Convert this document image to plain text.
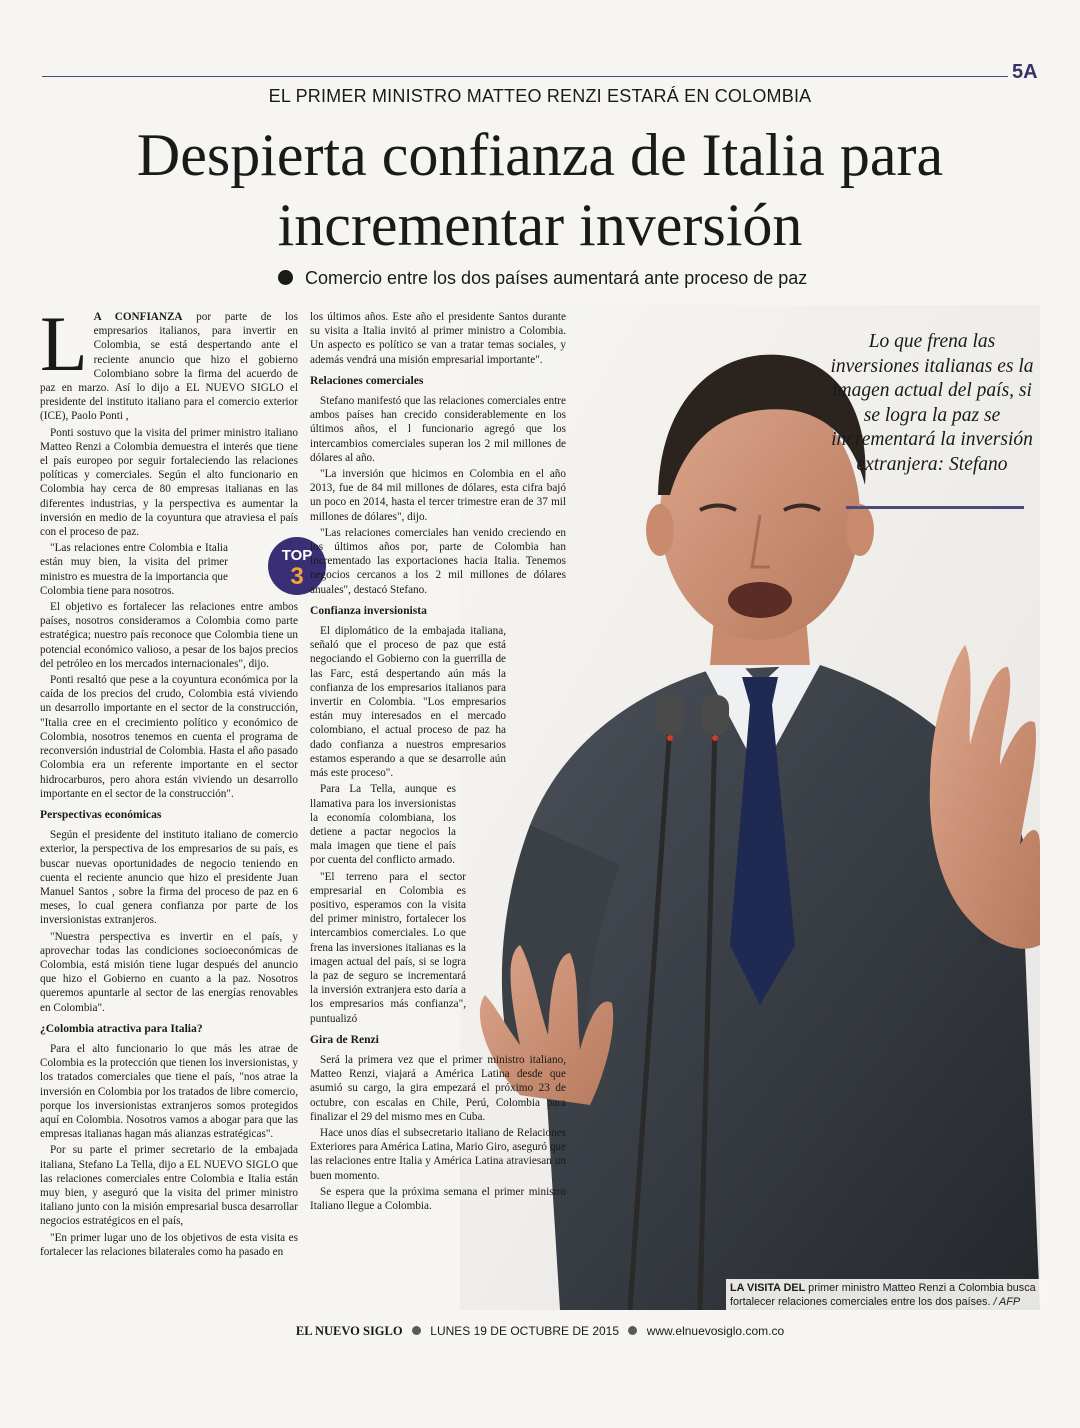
5A
EL PRIMER MINISTRO MATTEO RENZI ESTARÁ EN COLOMBIA
Despierta confianza de Italia para
incrementar inversión
Comercio entre los dos países aumentará ante proceso de paz

L A CONFIANZA por parte de los empresarios italianos, para invertir en Colombia, se está despertando ante el reciente anuncio que hizo el gobierno Colombiano sobre la firma del acuerdo de paz en marzo. Así lo dijo a EL NUEVO SIGLO el presidente del instituto italiano para el comercio exterior (ICE), Paolo Ponti ,

Ponti sostuvo que la visita del primer ministro italiano Matteo Renzi a Colombia demuestra el interés que tiene el país europeo por seguir fortaleciendo las relaciones políticas y comerciales. Según el alto funcionario en Colombia hay cerca de 80 empresas italianas en las diferentes industrias, y la perspectiva es aumentar la inversión en medio de la coyuntura que atraviesa el país con el proceso de paz.

"Las relaciones entre Colombia e Italia están muy bien, la visita del primer ministro es muestra de la importancia que Colombia tiene para nosotros.

El objetivo es fortalecer las relaciones entre ambos países, nosotros consideramos a Colombia como parte estratégica; nuestro país reconoce que Colombia tiene un potencial económico valioso, a pesar de los bajos precios del petróleo en los mercados internacionales", dijo.

Ponti resaltó que pese a la coyuntura económica por la caída de los precios del crudo, Colombia está viviendo un desarrollo importante en el sector de la construcción, "Italia cree en el crecimiento político y económico de Colombia, nosotros tenemos en cuenta el programa de reconversión industrial de Colombia. Hasta el año pasado Colombia era un referente importante en el sector hidrocarburos, pero ahora están viviendo un desarrollo importante en el sector de la construcción".

Perspectivas económicas

Según el presidente del instituto italiano de comercio exterior, la perspectiva de los empresarios de su país, es buscar nuevas oportunidades de negocio teniendo en cuenta el reciente anuncio que hizo el presidente Juan Manuel Santos , sobre la firma del proceso de paz en 6 meses, lo cual genera confianza por parte de los inversionistas extranjeros.

"Nuestra perspectiva es invertir en el país, y aprovechar todas las condiciones socioeconómicas de Colombia, está misión tiene lugar después del anuncio que hizo el Gobierno en cuanto a la paz. Nosotros queremos apuntarle al sector de las energías renovables en Colombia".

¿Colombia atractiva para Italia?

Para el alto funcionario lo que más les atrae de Colombia es la protección que tienen los inversionistas, y los tratados comerciales que tiene el país, "nos atrae la inversión en Colombia por los tratados de libre comercio, porque los inversionistas extranjeros somos protegidos aquí en Colombia. Nosotros vamos a abogar para que las empresas italianas hagan más alianzas estratégicas".

Por su parte el primer secretario de la embajada italiana, Stefano La Tella, dijo a EL NUEVO SIGLO que las relaciones comerciales entre Colombia e Italia están muy bien, y aseguró que la visita del primer ministro italiano junto con la misión empresarial busca desarrollar negocios estratégicos en el país,

"En primer lugar uno de los objetivos de esta visita es fortalecer las relaciones bilaterales como ha pasado en

TOP
3

los últimos años. Este año el presidente Santos durante su visita a Italia invitó al primer ministro a Colombia. Un aspecto es político se van a tratar temas sociales, y además vendrá una misión empresarial importante".

Relaciones comerciales

Stefano manifestó que las relaciones comerciales entre ambos países han crecido considerablemente en los últimos años, el l funcionario agregó que los intercambios comerciales superan los 2 mil millones de dólares al año.

"La inversión que hicimos en Colombia en el año 2013, fue de 84 mil millones de dólares, esta cifra bajó un poco en 2014, hasta el tercer trimestre eran de 37 mil millones de dólares", dijo.

"Las relaciones comerciales han venido creciendo en los últimos años por, parte de Colombia han incrementado las exportaciones hacia Italia. Tenemos negocios cercanos a los 2 mil millones de dólares anuales", destacó Stefano.

Confianza inversionista

El diplomático de la embajada italiana, señaló que el proceso de paz que está negociando el Gobierno con la guerrilla de las Farc, está despertando aún más la confianza de los empresarios italianos para invertir en Colombia. "Los empresarios están muy interesados en el mercado colombiano, el actual proceso de paz ha dado confianza a nuestros empresarios estamos esperando a que se desarrolle aún más este proceso".

Para La Tella, aunque es llamativa para los inversionistas la economía colombiana, los detiene a pactar negocios la mala imagen que tiene el país por cuenta del conflicto armado.

"El terreno para el sector empresarial en Colombia es positivo, esperamos con la visita del primer ministro, fortalecer los intercambios comerciales. Lo que frena las inversiones italianas es la imagen actual del país, si se logra la paz de seguro se incrementará la inversión extranjera esto daría a los empresarios más confianza", puntualizó

Gira de Renzi

Será la primera vez que el primer ministro italiano, Matteo Renzi, viajará a América Latina desde que asumió su cargo, la gira empezará el próximo 23 de octubre, con escalas en Chile, Perú, Colombia para finalizar el 29 del mismo mes en Cuba.

Hace unos días el subsecretario italiano de Relaciones Exteriores para América Latina, Mario Giro, aseguró que las relaciones entre Italia y América Latina atraviesan un buen momento.

Se espera que la próxima semana el primer ministro Italiano llegue a Colombia.

Lo que frena las inversiones italianas es la imagen actual del país, si se logra la paz se incrementará la inversión extranjera: Stefano
LA VISITA DEL primer ministro Matteo Renzi a Colombia busca fortalecer relaciones comerciales entre los dos países. / AFP
EL NUEVO SIGLO LUNES 19 DE OCTUBRE DE 2015 www.elnuevosiglo.com.co
